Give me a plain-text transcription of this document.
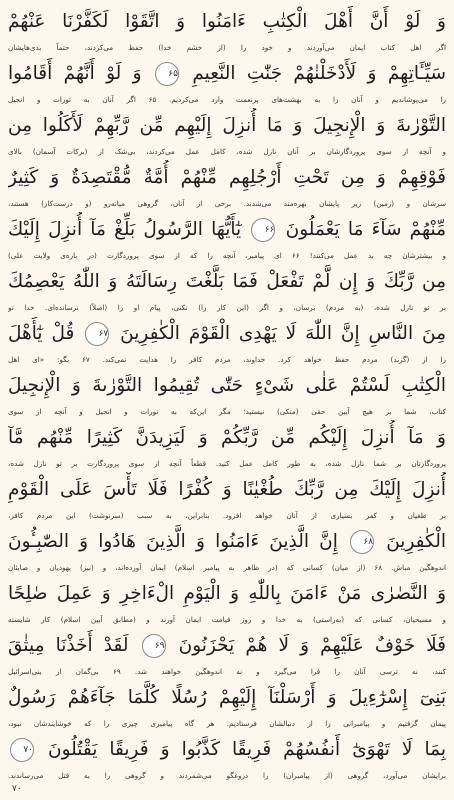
وَ لَوْ أَنَّ أَهْلَ الْكِتٰبِ ءَامَنُوا وَ اتَّقَوْا لَكَفَّرْنَا عَنْهُمْ
اگر اهل کتاب ایمان می‌آوردند و خود را (از خشم خدا) حفظ می‌کردند، حتماً بدی‌هایشان
سَيِّـَٔاتِهِمْ وَ لَأَدْخَلْنٰهُمْ جَنّٰتِ النَّعِيمِ ۶۵ وَ لَوْ أَنَّهُمْ أَقَامُوا
را می‌پوشاندیم و آنان را به بهشت‌های پرنعمت وارد می‌کردیم. ۶۵ اگر آنان به تورات و انجیل
التَّوْرٰىةَ وَ الْإِنجِيلَ وَ مَا أُنزِلَ إِلَيْهِم مِّن رَّبِّهِمْ لَأَكَلُوا مِن
و آنچه از سوی پروردگارشان بر آنان نازل شده، کامل عمل می‌کردند، بی‌شک از (برکات آسمان) بالای
فَوْقِهِمْ وَ مِن تَحْتِ أَرْجُلِهِم مِّنْهُمْ أُمَّةٌ مُّقْتَصِدَةٌ وَ كَثِيرٌ
سرشان و (زمین) زیر پایشان بهره‌مند می‌شدند. برخی از آنان، گروهی میانه‌رو (و درست‌کار) هستند،
مِّنْهُمْ سَآءَ مَا يَعْمَلُونَ ۶۶ يٰٓأَيُّهَا الرَّسُولُ بَلِّغْ مَآ أُنزِلَ إِلَيْكَ
و بیشترشان چه بد عمل می‌کنند! ۶۶ ای پیامبر، آنچه را که از سوی پروردگارت (در باره‌ی ولایت علی)
مِن رَّبِّكَ وَ إِن لَّمْ تَفْعَلْ فَمَا بَلَّغْتَ رِسَالَتَهُ وَ اللّٰهُ يَعْصِمُكَ
بر تو نازل شده، (به مردم) برسان، و اگر (این کار را) نکنی، پیام او را (اصلاً) نرسانده‌ای. خدا تو
مِنَ النَّاسِ إِنَّ اللّٰهَ لَا يَهْدِى الْقَوْمَ الْكٰفِرِينَ ۶۷ قُلْ يٰٓأَهْلَ
را از (گزند) مردم حفظ خواهد کرد. خداوند، مردم کافر را هدایت نمی‌کند. ۶۷ بگو: «ای اهل
الْكِتٰبِ لَسْتُمْ عَلٰى شَىْءٍ حَتّٰى تُقِيمُوا التَّوْرٰىةَ وَ الْإِنجِيلَ
کتاب، شما بر هیچ آیین حقی (متکی) نیستید؛ مگر این‌که به تورات و انجیل و آنچه از سوی
وَ مَآ أُنزِلَ إِلَيْكُم مِّن رَّبِّكُمْ وَ لَيَزِيدَنَّ كَثِيرًا مِّنْهُم مَّآ
پروردگارتان بر شما نازل شده، به طور کامل عمل کنید. قطعاً آنچه از سوی پروردگارت بر تو نازل شده،
أُنزِلَ إِلَيْكَ مِن رَّبِّكَ طُغْيٰنًا وَ كُفْرًا فَلَا تَأْسَ عَلَى الْقَوْمِ
بر طغیان و کفر بسیاری از آنان خواهد افزود. بنابراین، به سبب (سرنوشت) این مردم کافر،
الْكٰفِرِينَ ۶۸ إِنَّ الَّذِينَ ءَامَنُوا وَ الَّذِينَ هَادُوا وَ الصّٰبِـُٔونَ
اندوهگین مباش. ۶۸ (از میان) کسانی که (در ظاهر به پیامبر اسلام) ایمان آورده‌اند، و (نیز) یهودیان و صابئان
وَ النَّصٰرٰى مَنْ ءَامَنَ بِاللّٰهِ وَ الْيَوْمِ الْءَاخِرِ وَ عَمِلَ صٰلِحًا
و مسیحیان، کسانی که (به‌راستی) به خدا و روز قیامت ایمان آورند و (مطابق آیین اسلام) کار شایسته
فَلَا خَوْفٌ عَلَيْهِمْ وَ لَا هُمْ يَحْزَنُونَ ۶۹ لَقَدْ أَخَذْنَا مِيثٰقَ
کنند، نه ترسی آنان را فرا می‌گیرد و نه اندوهگین خواهند شد. ۶۹ بی‌گمان از بنی‌اسرائیل
بَنِىٓ إِسْرٰٓءِيلَ وَ أَرْسَلْنَآ إِلَيْهِمْ رُسُلًا كُلَّمَا جَآءَهُمْ رَسُولٌ
پیمان گرفتیم و پیامبرانی را از دنبالشان فرستادیم. هر گاه پیامبری چیزی را که خوشایندشان نبود،
بِمَا لَا تَهْوَىٰٓ أَنفُسُهُمْ فَرِيقًا كَذَّبُوا وَ فَرِيقًا يَقْتُلُونَ ۷۰
برایشان می‌آورد، گروهی (از پیامبران) را دروغگو می‌شمردند و گروهی را به قتل می‌رساندند.
۷۰
